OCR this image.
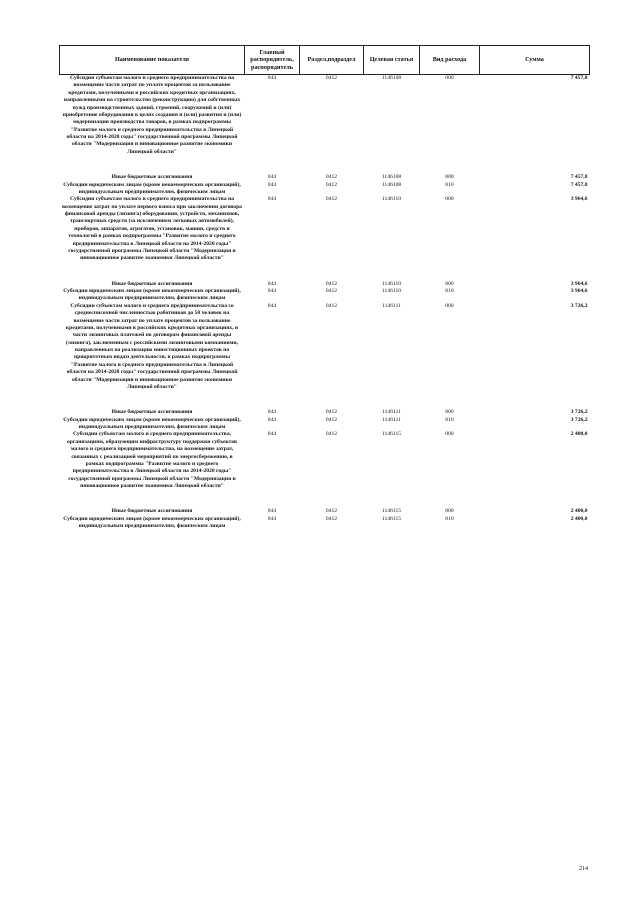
Наименование показателя	Главный распорядитель, распорядитель	Раздел,подраздел	Целевая статья	Вид расхода	Сумма
Субсидии субъектам малого и среднего предпринимательства на возмещение части затрат по уплате процентов за пользование кредитами, полученными в российских кредитных организациях, направленными на строительство (реконструкцию) для собственных нужд производственных зданий, строений, сооружений и (или) приобретение оборудования в целях создания и (или) развития и (или) модернизации производства товаров, в рамках подпрограммы "Развитие малого и среднего предпринимательства в Липецкой области на 2014-2020 годы" государственной программы Липецкой области "Модернизация и инновационное развитие экономики Липецкой области"	044	0412	1146108	000	7 457,8

Иные бюджетные ассигнования	044	0412	1146108	800	7 457,8
Субсидии юридическим лицам (кроме некоммерческих организаций), индивидуальным предпринимателям, физическим лицам	044	0412	1146108	810	7 457,8
Субсидии субъектам малого и среднего предпринимательства на возмещение затрат по уплате первого взноса при заключении договора финансовой аренды (лизинга) оборудования, устройств, механизмов, транспортных средств (за исключением легковых автомобилей), приборов, аппаратов, агрегатов, установок, машин, средств и технологий в рамках подпрограммы "Развитие малого и среднего предпринимательства в Липецкой области на 2014-2020 годы" государственной программы Липецкой области "Модернизация и инновационное развитие экономики Липецкой области"	044	0412	1146110	000	3 964,6

Иные бюджетные ассигнования	044	0412	1146110	800	3 964,6
Субсидии юридическим лицам (кроме некоммерческих организаций), индивидуальным предпринимателям, физическим лицам	044	0412	1146110	810	3 964,6
Субсидии субъектам малого и среднего предпринимательства со среднесписочной численностью работников до 50 человек на возмещение части затрат по уплате процентов за пользование кредитами, полученными в российских кредитных организациях, и части лизинговых платежей по договорам финансовой аренды (лизинга), заключенным с российскими лизинговыми компаниями, направленным на реализацию инвестиционных проектов по приоритетным видам деятельности, в рамках подпрограммы "Развитие малого и среднего предпринимательства в Липецкой области на 2014-2020 годы" государственной программы Липецкой области "Модернизация и инновационное развитие экономики Липецкой области"	044	0412	1146111	000	3 726,2

Иные бюджетные ассигнования	044	0412	1146111	800	3 726,2
Субсидии юридическим лицам (кроме некоммерческих организаций), индивидуальным предпринимателям, физическим лицам	044	0412	1146111	810	3 726,2
Субсидии субъектам малого и среднего предпринимательства, организациям, образующим инфраструктуру поддержки субъектов малого и среднего предпринимательства, на возмещение затрат, связанных с реализацией мероприятий по энергосбережению, в рамках подпрограммы "Развитие малого и среднего предпринимательства в Липецкой области на 2014-2020 годы" государственной программы Липецкой области "Модернизация и инновационное развитие экономики Липецкой области"	044	0412	1146115	000	2 400,0

Иные бюджетные ассигнования	044	0412	1146115	800	2 400,0
Субсидии юридическим лицам (кроме некоммерческих организаций), индивидуальным предпринимателям, физическим лицам	044	0412	1146115	810	2 400,0
214
